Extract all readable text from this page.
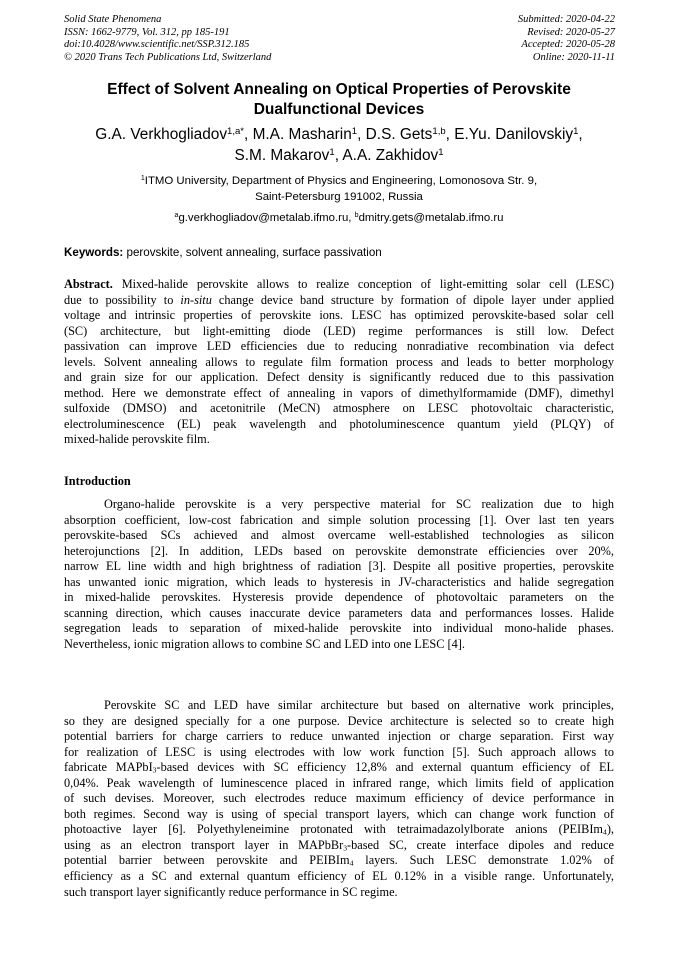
Solid State Phenomena
ISSN: 1662-9779, Vol. 312, pp 185-191
doi:10.4028/www.scientific.net/SSP.312.185
© 2020 Trans Tech Publications Ltd, Switzerland
Submitted: 2020-04-22
Revised: 2020-05-27
Accepted: 2020-05-28
Online: 2020-11-11
Effect of Solvent Annealing on Optical Properties of Perovskite
Dualfunctional Devices
G.A. Verkhogliadov$^{1,a*}$, M.A. Masharin$^1$, D.S. Gets$^{1,b}$, E.Yu. Danilovskiy$^1$,
S.M. Makarov$^1$, A.A. Zakhidov$^1$
$^1$ITMO University, Department of Physics and Engineering, Lomonosova Str. 9,
Saint-Petersburg 191002, Russia
$^a$g.verkhogliadov@metalab.ifmo.ru, $^b$dmitry.gets@metalab.ifmo.ru
Keywords: perovskite, solvent annealing, surface passivation
Abstract. Mixed-halide perovskite allows to realize conception of light-emitting solar cell (LESC)
due to possibility to in-situ change device band structure by formation of dipole layer under applied
voltage and intrinsic properties of perovskite ions. LESC has optimized perovskite-based solar cell
(SC) architecture, but light-emitting diode (LED) regime performances is still low. Defect
passivation can improve LED efficiencies due to reducing nonradiative recombination via defect
levels. Solvent annealing allows to regulate film formation process and leads to better morphology
and grain size for our application. Defect density is significantly reduced due to this passivation
method. Here we demonstrate effect of annealing in vapors of dimethylformamide (DMF), dimethyl
sulfoxide (DMSO) and acetonitrile (MeCN) atmosphere on LESC photovoltaic characteristic,
electroluminescence (EL) peak wavelength and photoluminescence quantum yield (PLQY) of
mixed-halide perovskite film.
Introduction
Organo-halide perovskite is a very perspective material for SC realization due to high
absorption coefficient, low-cost fabrication and simple solution processing [1]. Over last ten years
perovskite-based SCs achieved and almost overcame well-established technologies as silicon
heterojunctions [2]. In addition, LEDs based on perovskite demonstrate efficiencies over 20%,
narrow EL line width and high brightness of radiation [3]. Despite all positive properties, perovskite
has unwanted ionic migration, which leads to hysteresis in JV-characteristics and halide segregation
in mixed-halide perovskites. Hysteresis provide dependence of photovoltaic parameters on the
scanning direction, which causes inaccurate device parameters data and performances losses. Halide
segregation leads to separation of mixed-halide perovskite into individual mono-halide phases.
Nevertheless, ionic migration allows to combine SC and LED into one LESC [4].
Perovskite SC and LED have similar architecture but based on alternative work principles,
so they are designed specially for a one purpose. Device architecture is selected so to create high
potential barriers for charge carriers to reduce unwanted injection or charge separation. First way
for realization of LESC is using electrodes with low work function [5]. Such approach allows to
fabricate MAPbI$_3$-based devices with SC efficiency 12,8% and external quantum efficiency of EL
0,04%. Peak wavelength of luminescence placed in infrared range, which limits field of application
of such devises. Moreover, such electrodes reduce maximum efficiency of device performance in
both regimes. Second way is using of special transport layers, which can change work function of
photoactive layer [6]. Polyethyleneimine protonated with tetraimadazolylborate anions (PEIBIm$_4$),
using as an electron transport layer in MAPbBr$_3$-based SC, create interface dipoles and reduce
potential barrier between perovskite and PEIBIm$_4$ layers. Such LESC demonstrate 1.02% of
efficiency as a SC and external quantum efficiency of EL 0.12% in a visible range. Unfortunately,
such transport layer significantly reduce performance in SC regime.
